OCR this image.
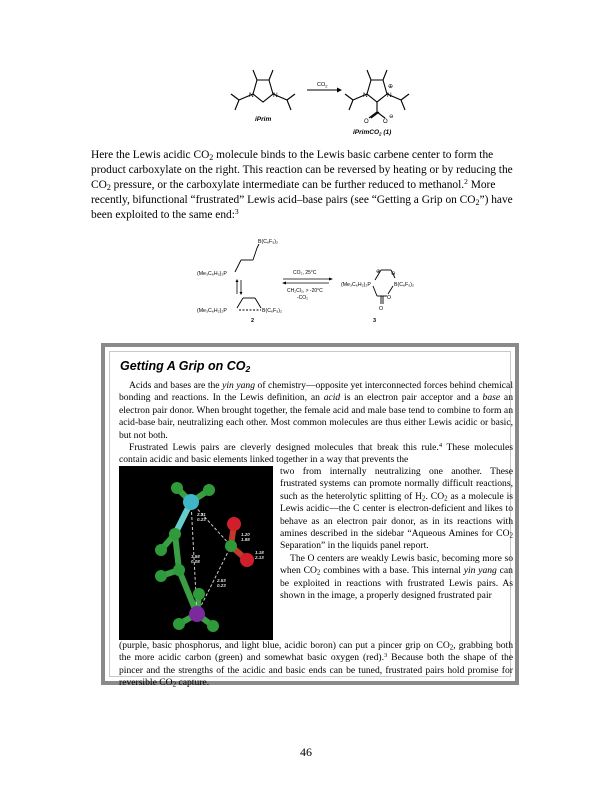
N	N
iPrim
$CO_2$
N	N
⊕
O O
⊖
iPrimCO$_2$ (1)

Here the Lewis acidic $CO_2$ molecule binds to the Lewis basic carbene center to form the product carboxylate on the right. This reaction can be reversed by heating or by reducing the $CO_2$ pressure, or the carboxylate intermediate can be further reduced to methanol.$^2$ More recently, bifunctional “frustrated” Lewis acid–base pairs (see “Getting a Grip on $CO_2$”) have been exploited to the same end:$^3$

B(C₆F₅)₂
(Me₃C₆H₂)₂P
(Me₃C₆H₂)₂P	B(C₆F₅)₂
2
CO₂, 25°C
CH₂Cl₂, > -20°C
-CO₂
(Me₃C₆H₂)₂P	B(C₆F₅)₂
⊕ ⊖
O
O
3
Getting A Grip on $CO_2$

Acids and bases are the yin yang of chemistry—opposite yet interconnected forces behind chemical bonding and reactions. In the Lewis definition, an acid is an electron pair acceptor and a base an electron pair donor. When brought together, the female acid and male base tend to combine to form an acid-base bair, neutralizing each other. Most common molecules are thus either Lewis acidic or basic, but not both.

Frustrated Lewis pairs are cleverly designed molecules that break this rule.$^4$ These molecules contain acidic and basic elements linked together in a way that prevents the

2.21
0.23
1.20
1.88
1.18
2.13
3.58
0.08
2.53
0.23

two from internally neutralizing one another. These frustrated systems can promote normally difficult reactions, such as the heterolytic splitting of $H_2$. $CO_2$ as a molecule is Lewis acidic—the C center is electron-deficient and likes to behave as an electron pair donor, as in its reactions with amines described in the sidebar “Aqueous Amines for $CO_2$ Separation” in the liquids panel report.

The O centers are weakly Lewis basic, becoming more so when $CO_2$ combines with a base. This internal yin yang can be exploited in reactions with frustrated Lewis pairs. As shown in the image, a properly designed frustrated pair

(purple, basic phosphorus, and light blue, acidic boron) can put a pincer grip on $CO_2$, grabbing both the more acidic carbon (green) and somewhat basic oxygen (red).$^3$ Because both the shape of the pincer and the strengths of the acidic and basic ends can be tuned, frustrated pairs hold promise for reversible $CO_2$ capture.

46
